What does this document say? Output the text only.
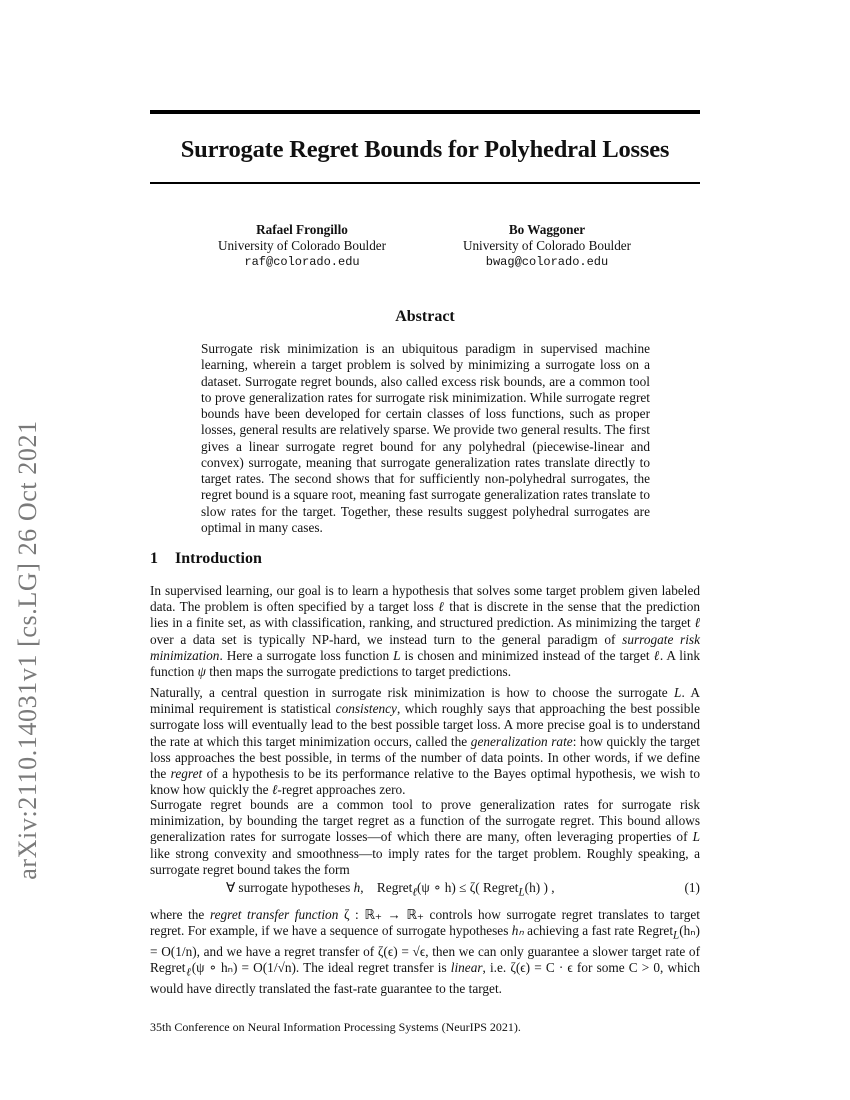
arXiv:2110.14031v1 [cs.LG] 26 Oct 2021
Surrogate Regret Bounds for Polyhedral Losses
Rafael Frongillo
University of Colorado Boulder
raf@colorado.edu
Bo Waggoner
University of Colorado Boulder
bwag@colorado.edu
Abstract
Surrogate risk minimization is an ubiquitous paradigm in supervised machine learning, wherein a target problem is solved by minimizing a surrogate loss on a dataset. Surrogate regret bounds, also called excess risk bounds, are a common tool to prove generalization rates for surrogate risk minimization. While surrogate regret bounds have been developed for certain classes of loss functions, such as proper losses, general results are relatively sparse. We provide two general results. The first gives a linear surrogate regret bound for any polyhedral (piecewise-linear and convex) surrogate, meaning that surrogate generalization rates translate directly to target rates. The second shows that for sufficiently non-polyhedral surrogates, the regret bound is a square root, meaning fast surrogate generalization rates translate to slow rates for the target. Together, these results suggest polyhedral surrogates are optimal in many cases.
1 Introduction
In supervised learning, our goal is to learn a hypothesis that solves some target problem given labeled data. The problem is often specified by a target loss ℓ that is discrete in the sense that the prediction lies in a finite set, as with classification, ranking, and structured prediction. As minimizing the target ℓ over a data set is typically NP-hard, we instead turn to the general paradigm of surrogate risk minimization. Here a surrogate loss function L is chosen and minimized instead of the target ℓ. A link function ψ then maps the surrogate predictions to target predictions.
Naturally, a central question in surrogate risk minimization is how to choose the surrogate L. A minimal requirement is statistical consistency, which roughly says that approaching the best possible surrogate loss will eventually lead to the best possible target loss. A more precise goal is to understand the rate at which this target minimization occurs, called the generalization rate: how quickly the target loss approaches the best possible, in terms of the number of data points. In other words, if we define the regret of a hypothesis to be its performance relative to the Bayes optimal hypothesis, we wish to know how quickly the ℓ-regret approaches zero.
Surrogate regret bounds are a common tool to prove generalization rates for surrogate risk minimization, by bounding the target regret as a function of the surrogate regret. This bound allows generalization rates for surrogate losses—of which there are many, often leveraging properties of L like strong convexity and smoothness—to imply rates for the target problem. Roughly speaking, a surrogate regret bound takes the form
∀ surrogate hypotheses h,    Regret$_\ell$(ψ ∘ h) ≤ ζ( Regret$_L$(h) ) ,	(1)
where the regret transfer function ζ : ℝ₊ → ℝ₊ controls how surrogate regret translates to target regret. For example, if we have a sequence of surrogate hypotheses hₙ achieving a fast rate Regret$_L$(hₙ) = O(1/n), and we have a regret transfer of ζ(ϵ) = √ϵ, then we can only guarantee a slower target rate of Regret$_\ell$(ψ ∘ hₙ) = O(1/√n). The ideal regret transfer is linear, i.e. ζ(ϵ) = C · ϵ for some C > 0, which would have directly translated the fast-rate guarantee to the target.
35th Conference on Neural Information Processing Systems (NeurIPS 2021).
